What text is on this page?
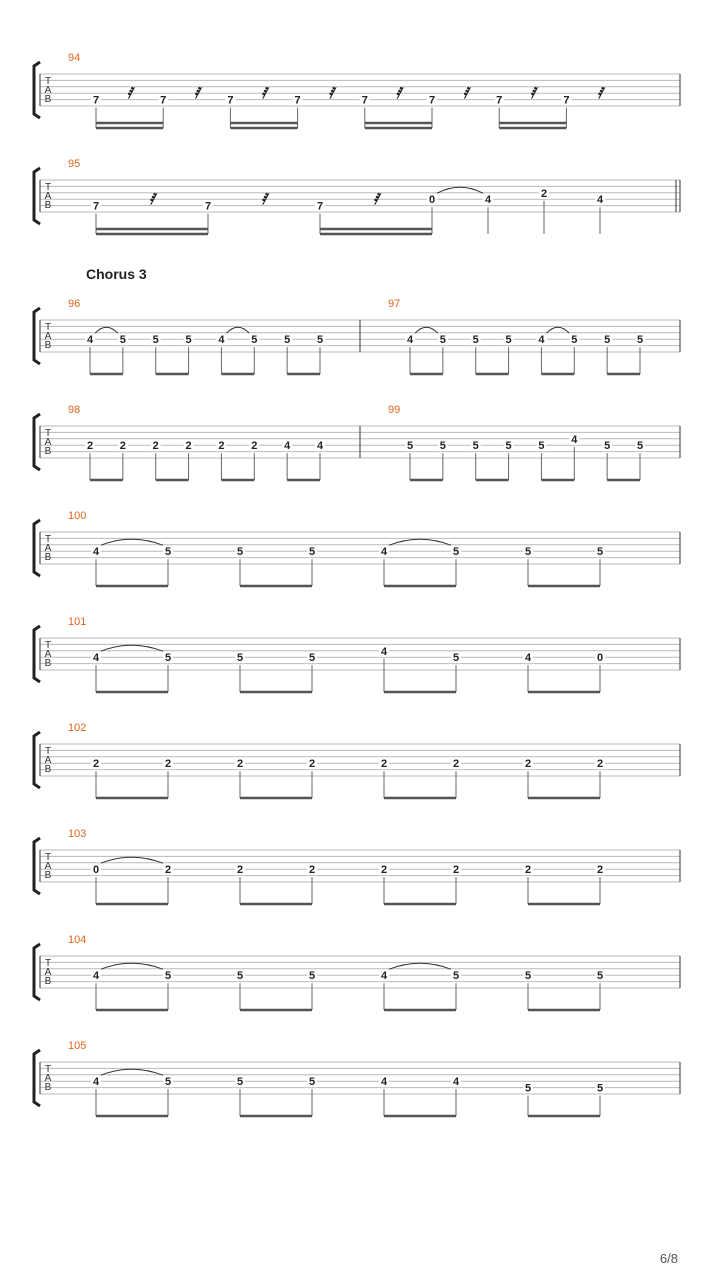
T
A
B
94
7 𝅀	7 𝅀	7 𝅀	7 𝅀	7 𝅀	7 𝅀	7 𝅀	7 𝅀
T
A
B
95
7	𝅀	7	𝅀	7	𝅀	0	4
2
4
T
A
B
Chorus 3
96
4 5 5 5 4 5 5 5
97
4 5 5 5 4 5 5 5
T
A
B
98
2 2 2 2 2 2 4 4
99
5 5 5 5 5
4
5 5
T
A
B
100
4	5	5	5	4	5	5	5
T
A
B
101
4	5	5	5
4
5	4	0
T
A
B
102
2	2	2	2	2	2	2	2
T
A
B
103
0	2	2	2	2	2	2	2
T
A
B
104
4	5	5	5	4	5	5	5
T
A
B
105
4	5	5	5	4	4
5	5
6/8
